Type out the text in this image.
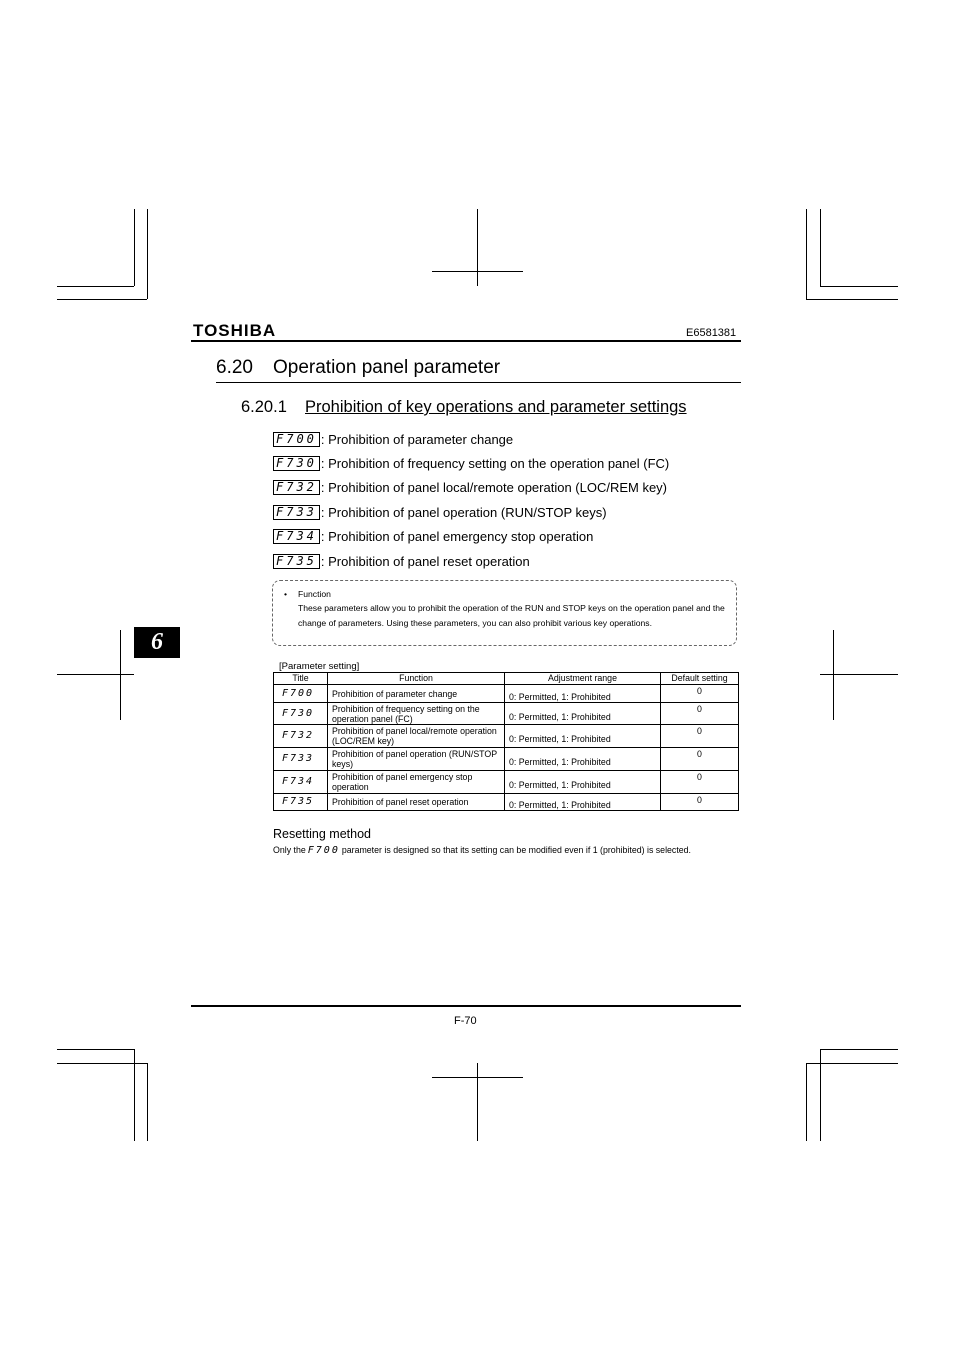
TOSHIBA	E6581381
6.20 Operation panel parameter
6.20.1 Prohibition of key operations and parameter settings
F700 : Prohibition of parameter change
F730 : Prohibition of frequency setting on the operation panel (FC)
F732 : Prohibition of panel local/remote operation (LOC/REM key)
F733 : Prohibition of panel operation (RUN/STOP keys)
F734 : Prohibition of panel emergency stop operation
F735 : Prohibition of panel reset operation
• Function
These parameters allow you to prohibit the operation of the RUN and STOP keys on the operation panel and the change of parameters. Using these parameters, you can also prohibit various key operations.
6
[Parameter setting]
Title	Function	Adjustment range	Default setting
F700	Prohibition of parameter change	0: Permitted, 1: Prohibited	0
F730	Prohibition of frequency setting on the operation panel (FC)	0: Permitted, 1: Prohibited	0
F732	Prohibition of panel local/remote operation (LOC/REM key)	0: Permitted, 1: Prohibited	0
F733	Prohibition of panel operation (RUN/STOP keys)	0: Permitted, 1: Prohibited	0
F734	Prohibition of panel emergency stop operation	0: Permitted, 1: Prohibited	0
F735	Prohibition of panel reset operation	0: Permitted, 1: Prohibited	0
Resetting method
Only the F700 parameter is designed so that its setting can be modified even if 1 (prohibited) is selected.
F-70
